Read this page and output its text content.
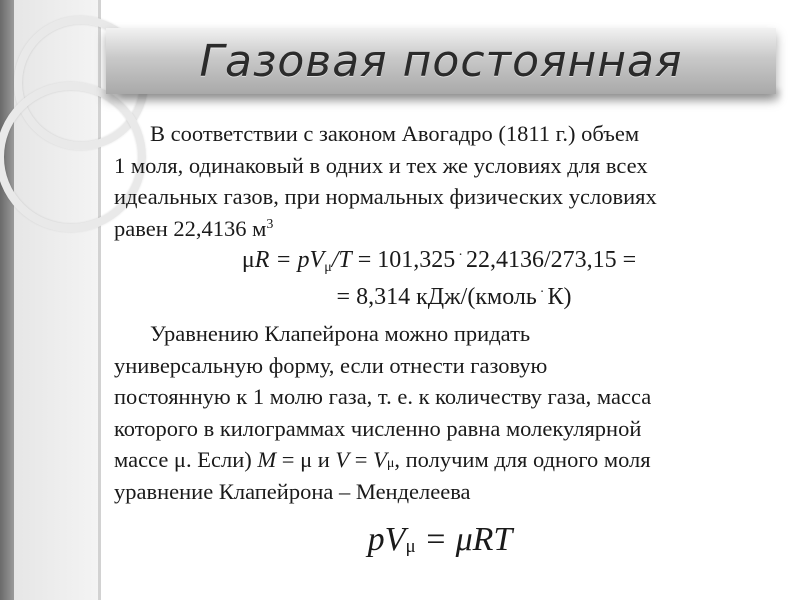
Газовая постоянная

В соответствии с законом Авогадро (1811 г.) объем
1 моля, одинаковый в одних и тех же условиях для всех
идеальных газов, при нормальных физических условиях
равен 22,4136 $м^3$

μR = pVμ/T = 101,325 · 22,4136/273,15 =
= 8,314 кДж/(кмоль · К)

Уравнению Клапейрона можно придать
универсальную форму, если отнести газовую
постоянную к 1 молю газа, т. е. к количеству газа, масса
которого в килограммах численно равна молекулярной
массе μ. Если) M = μ и V = Vμ, получим для одного моля
уравнение Клапейрона – Менделеева

$pV_\mu = \mu RT$
